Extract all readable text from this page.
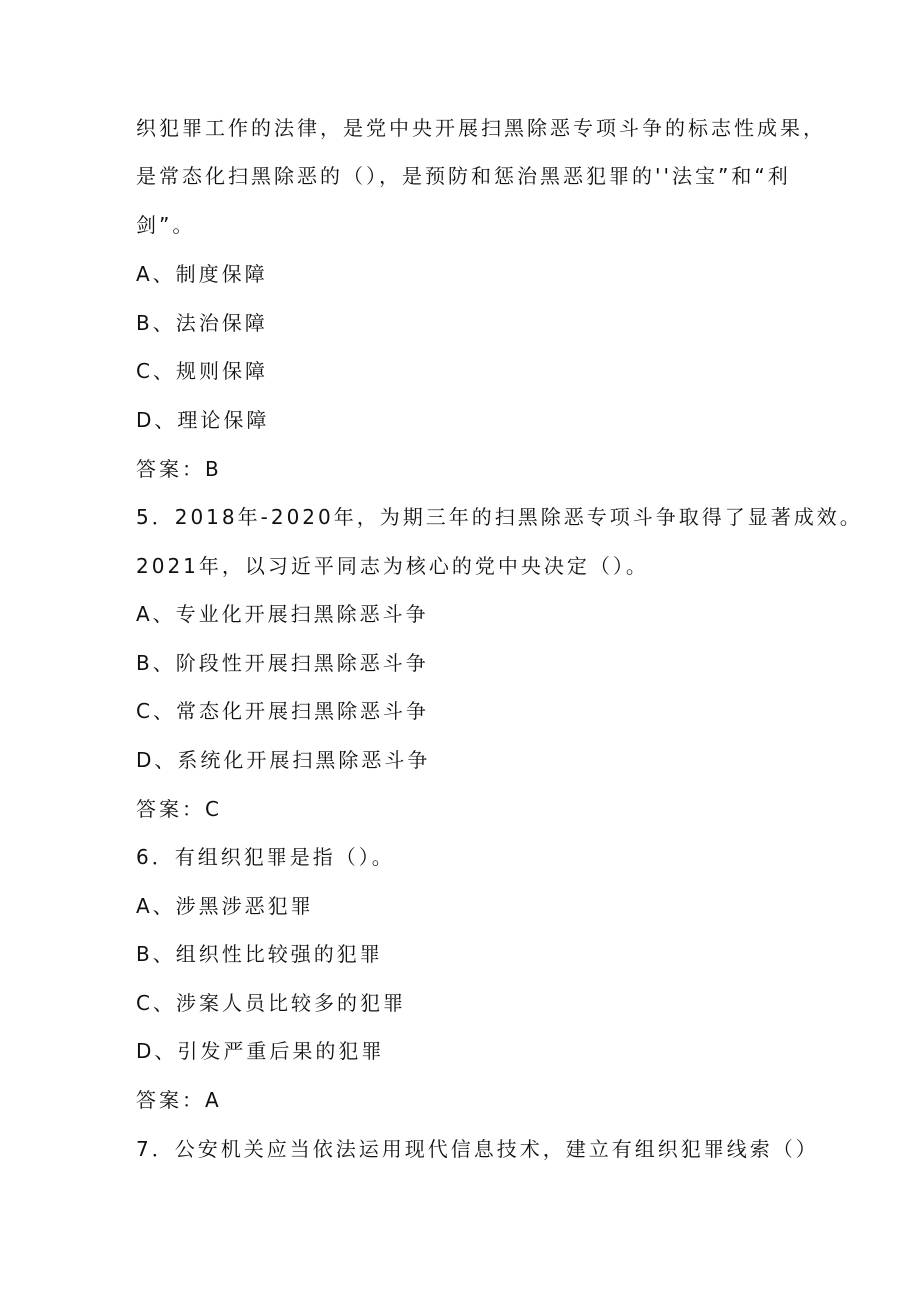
织犯罪工作的法律，是党中央开展扫黑除恶专项斗争的标志性成果，
是常态化扫黑除恶的（），是预防和惩治黑恶犯罪的''法宝”和“利
剑”。
A、制度保障
B、法治保障
C、规则保障
D、理论保障
答案：B
5．2018年-2020年，为期三年的扫黑除恶专项斗争取得了显著成效。
2021年，以习近平同志为核心的党中央决定（）。
A、专业化开展扫黑除恶斗争
B、阶段性开展扫黑除恶斗争
C、常态化开展扫黑除恶斗争
D、系统化开展扫黑除恶斗争
答案：C
6．有组织犯罪是指（）。
A、涉黑涉恶犯罪
B、组织性比较强的犯罪
C、涉案人员比较多的犯罪
D、引发严重后果的犯罪
答案：A
7．公安机关应当依法运用现代信息技术，建立有组织犯罪线索（）
